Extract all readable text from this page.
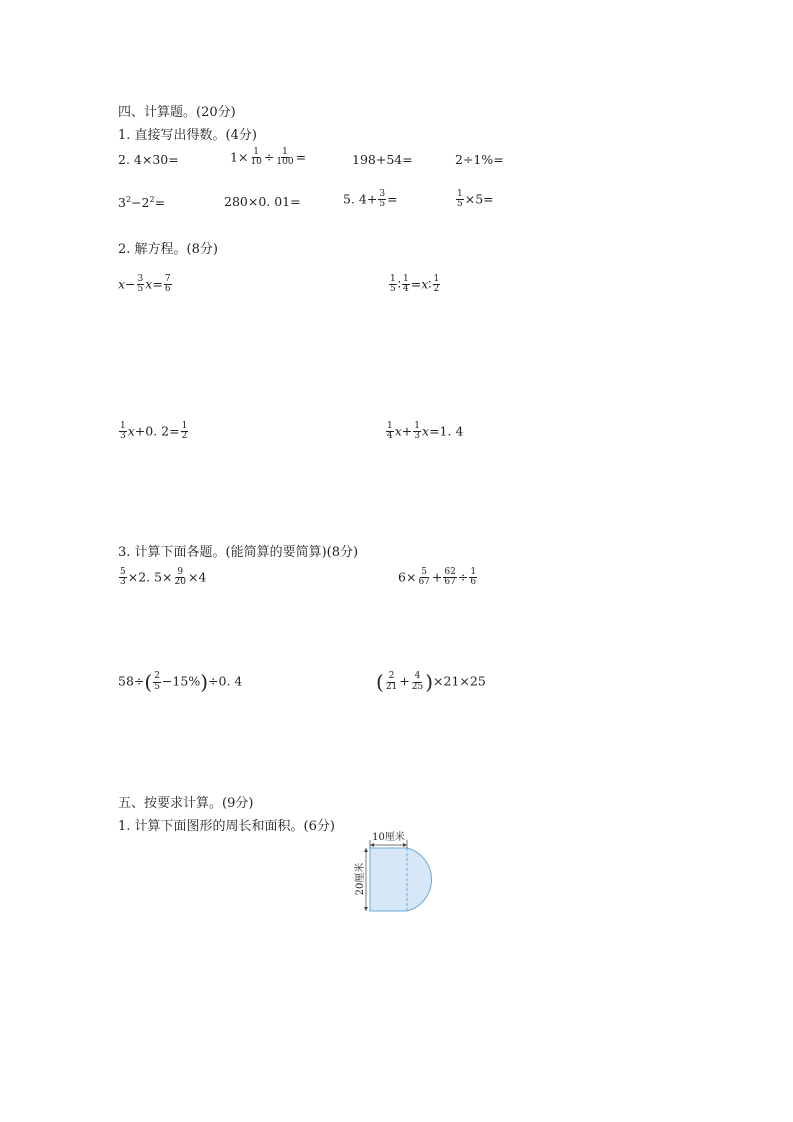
四、计算题。(20分)
1. 直接写出得数。(4分)
2. 4×30=	$1\times \frac{1}{10} \div \frac{1}{100}$ =	198+54=	2÷1%=
$3^2-2^2=$	280×0. 01=	5. $4+ \frac{3}{5}$ =	$\frac{1}{5} \times 5=$
2. 解方程。(8分)
$x- \frac{3}{5} x= \frac{7}{6}$	$\frac{1}{5}$ ∶ $\frac{1}{4}$ =x∶ $\frac{1}{2}$
$\frac{1}{3} x+0$. $2= \frac{1}{2}$	$\frac{1}{4} x+ \frac{1}{3} x=1$. 4
3. 计算下面各题。(能简算的要简算)(8分)
$\frac{5}{3} \times 2$. $5\times \frac{9}{20} \times 4$	$6\times \frac{5}{67} + \frac{62}{67} \div \frac{1}{6}$
$58\div( \frac{2}{5} -15\%)\div 0$. 4	( $\frac{2}{21} + \frac{4}{25} )\times 21\times 25$
五、按要求计算。(9分)
1. 计算下面图形的周长和面积。(6分)
10厘米
20厘米
